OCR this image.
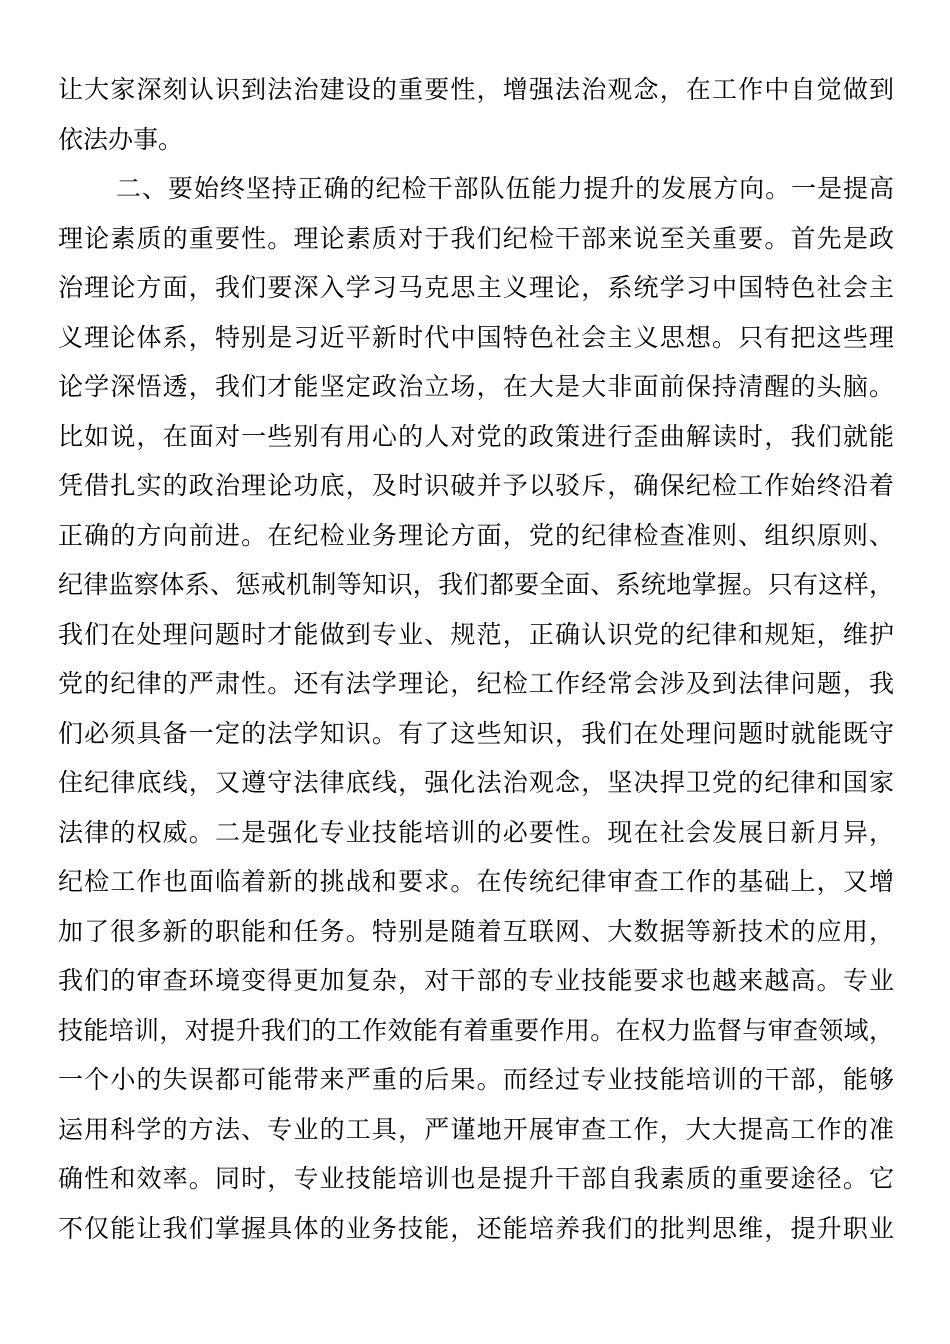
让大家深刻认识到法治建设的重要性，增强法治观念，在工作中自觉做到
依法办事。
二、要始终坚持正确的纪检干部队伍能力提升的发展方向。一是提高
理论素质的重要性。理论素质对于我们纪检干部来说至关重要。首先是政
治理论方面，我们要深入学习马克思主义理论，系统学习中国特色社会主
义理论体系，特别是习近平新时代中国特色社会主义思想。只有把这些理
论学深悟透，我们才能坚定政治立场，在大是大非面前保持清醒的头脑。
比如说，在面对一些别有用心的人对党的政策进行歪曲解读时，我们就能
凭借扎实的政治理论功底，及时识破并予以驳斥，确保纪检工作始终沿着
正确的方向前进。在纪检业务理论方面，党的纪律检查准则、组织原则、
纪律监察体系、惩戒机制等知识，我们都要全面、系统地掌握。只有这样，
我们在处理问题时才能做到专业、规范，正确认识党的纪律和规矩，维护
党的纪律的严肃性。还有法学理论，纪检工作经常会涉及到法律问题，我
们必须具备一定的法学知识。有了这些知识，我们在处理问题时就能既守
住纪律底线，又遵守法律底线，强化法治观念，坚决捍卫党的纪律和国家
法律的权威。二是强化专业技能培训的必要性。现在社会发展日新月异，
纪检工作也面临着新的挑战和要求。在传统纪律审查工作的基础上，又增
加了很多新的职能和任务。特别是随着互联网、大数据等新技术的应用，
我们的审查环境变得更加复杂，对干部的专业技能要求也越来越高。专业
技能培训，对提升我们的工作效能有着重要作用。在权力监督与审查领域，
一个小的失误都可能带来严重的后果。而经过专业技能培训的干部，能够
运用科学的方法、专业的工具，严谨地开展审查工作，大大提高工作的准
确性和效率。同时，专业技能培训也是提升干部自我素质的重要途径。它
不仅能让我们掌握具体的业务技能，还能培养我们的批判思维，提升职业
